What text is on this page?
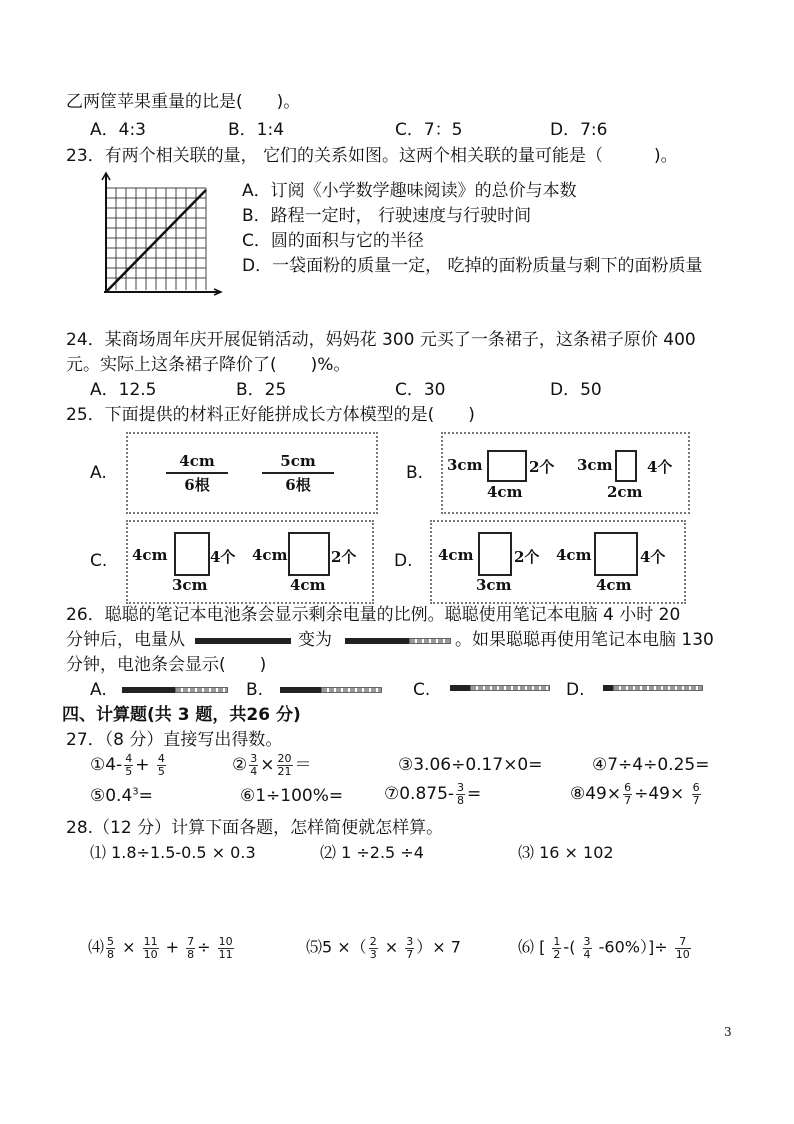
乙两筐苹果重量的比是(　　)。
A．4:3	B．1:4	C．7：5	D．7:6
23．有两个相关联的量， 它们的关系如图。这两个相关联的量可能是（　　　)。
A．订阅《小学数学趣味阅读》的总价与本数
B．路程一定时， 行驶速度与行驶时间
C．圆的面积与它的半径
D．一袋面粉的质量一定， 吃掉的面粉质量与剩下的面粉质量
24．某商场周年庆开展促销活动，妈妈花 300 元买了一条裙子，这条裙子原价 400
元。实际上这条裙子降价了(　　)%。
A．12.5	B．25	C．30	D．50
25．下面提供的材料正好能拼成长方体模型的是(　　)
A.
4cm
6根
5cm
6根
B. 3cm	2个
4cm
3cm 4个
2cm
C. 4cm	4个
3cm
4cm	2个
4cm
D. 4cm	2个
3cm
4cm	4个
4cm
26．聪聪的笔记本电池条会显示剩余电量的比例。聪聪使用笔记本电脑 4 小时 20
分钟后，电量从	变为	。如果聪聪再使用笔记本电脑 130
分钟，电池条会显示(　　)
A.	B.	C.	D.
四、计算题(共 3 题，共26 分)
27．（8 分）直接写出得数。
①4- $\frac{4}{5} + \frac{4}{5}$	② $\frac{3}{4} \times \frac{20}{21}$ ＝	③3.06÷0.17×0=	④7÷4÷0.25=
$⑤0.4^3=$	⑥1÷100%= ⑦0.875- $\frac{3}{8}$ =	⑧49× $\frac{6}{7} \div 49\times \frac{6}{7}$
28.（12 分）计算下面各题，怎样简便就怎样算。
⑴ 1.8÷1.5-0.5 × 0.3	⑵ 1 ÷2.5 ÷4	⑶ 16 × 102
⑷ $\frac{5}{8} \times \frac{11}{10} + \frac{7}{8} \div \frac{10}{11}$	⑸5 ×（ $\frac{2}{3} \times \frac{3}{7}$ ）× 7	⑹ [ $\frac{1}{2}$ -( $\frac{3}{4} -60\%)]\div \frac{7}{10}$
3
